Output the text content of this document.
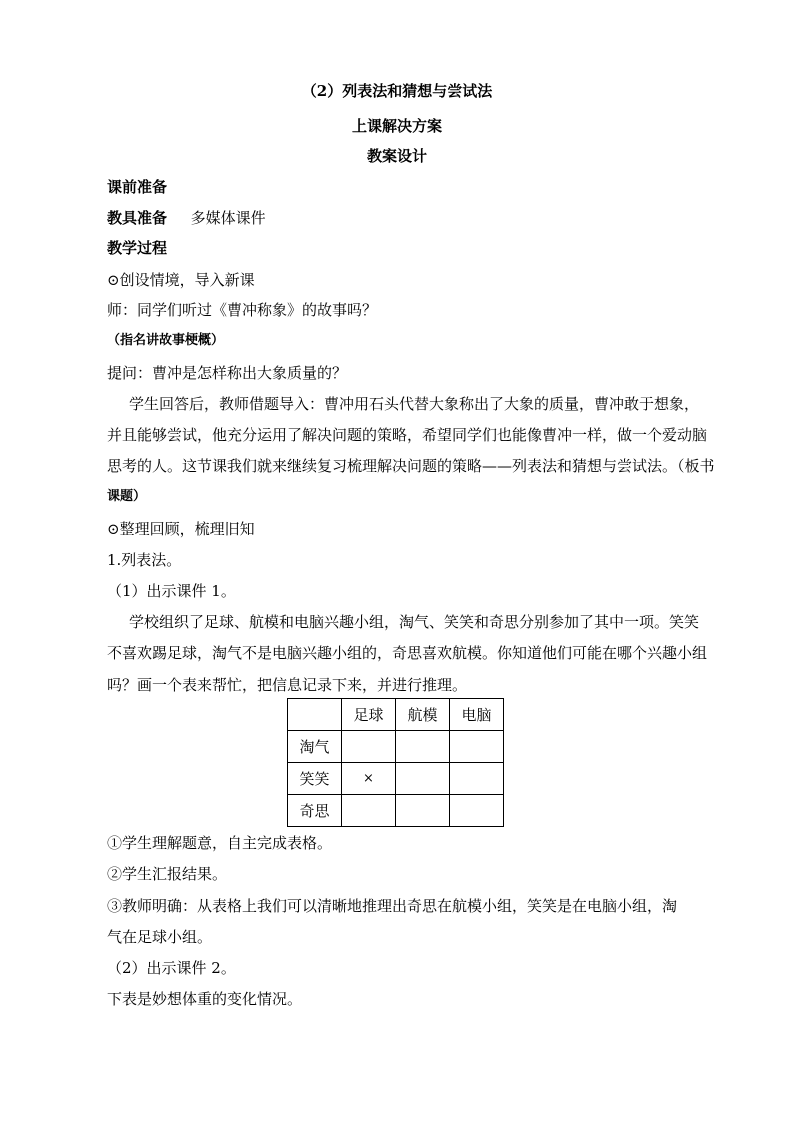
（2）列表法和猜想与尝试法
上课解决方案
教案设计
课前准备
教具准备 多媒体课件
教学过程
⊙创设情境，导入新课
师：同学们听过《曹冲称象》的故事吗？
（指名讲故事梗概）
提问：曹冲是怎样称出大象质量的？
学生回答后，教师借题导入：曹冲用石头代替大象称出了大象的质量，曹冲敢于想象，
并且能够尝试，他充分运用了解决问题的策略，希望同学们也能像曹冲一样，做一个爱动脑
思考的人。这节课我们就来继续复习梳理解决问题的策略——列表法和猜想与尝试法。（板书
课题）
⊙整理回顾，梳理旧知
1.列表法。
（1）出示课件 1。
学校组织了足球、航模和电脑兴趣小组，淘气、笑笑和奇思分别参加了其中一项。笑笑
不喜欢踢足球，淘气不是电脑兴趣小组的，奇思喜欢航模。你知道他们可能在哪个兴趣小组
吗？画一个表来帮忙，把信息记录下来，并进行推理。
	足球	航模	电脑
淘气			
笑笑	×		
奇思			
①学生理解题意，自主完成表格。
②学生汇报结果。
③教师明确：从表格上我们可以清晰地推理出奇思在航模小组，笑笑是在电脑小组，淘
气在足球小组。
（2）出示课件 2。
下表是妙想体重的变化情况。
